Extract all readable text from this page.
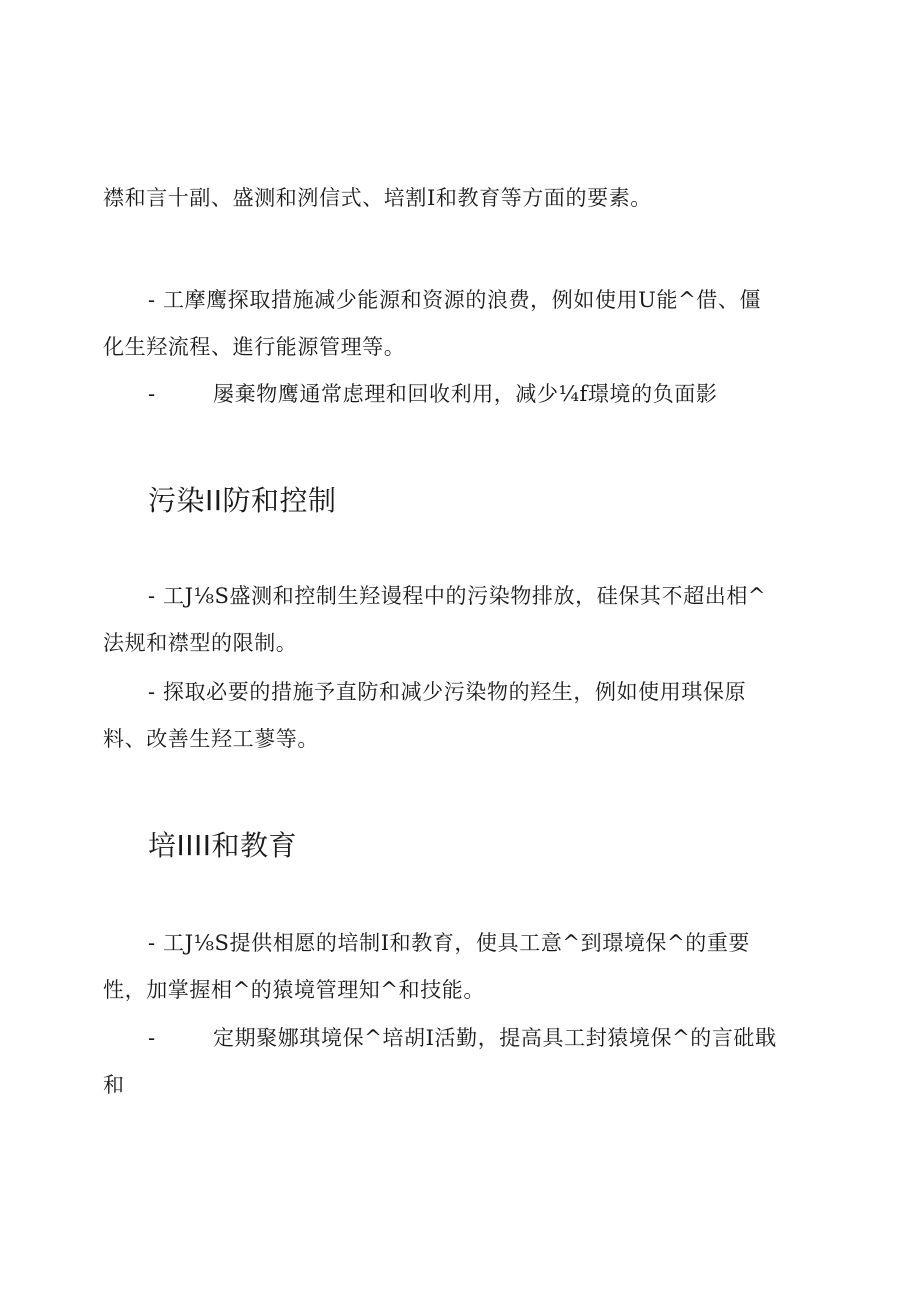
襟和言十副、盛测和洌信式、培割I和教育等方面的要素。
- 工摩鹰探取措施减少能源和资源的浪费，例如使用U能^借、僵
化生羟流程、進行能源管理等。
-	屡棄物鹰通常虑理和回收利用，减少¼f璟境的负面影
污染II防和控制
- 工J⅛S盛测和控制生羟谩程中的污染物排放，硅保其不超出相^
法规和襟型的限制。
- 探取必要的措施予直防和减少污染物的羟生，例如使用琪保原
料、改善生羟工蓼等。
培IIII和教育
- 工J⅛S提供相愿的培制I和教育，使具工意^到璟境保^的重要
性，加掌握相^的猿境管理知^和技能。
-	定期聚娜琪境保^培胡I活勤，提高具工封猿境保^的言砒戢
和
